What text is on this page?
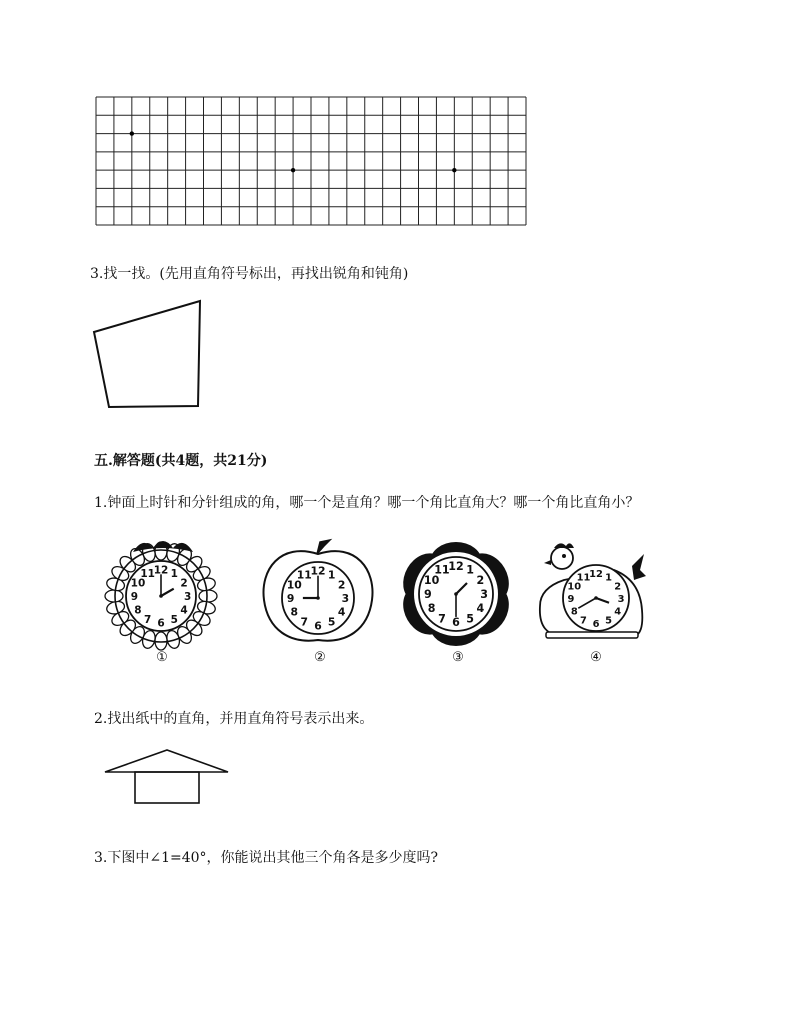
3.找一找。(先用直角符号标出，再找出锐角和钝角)
五.解答题(共4题，共21分)
1.钟面上时针和分针组成的角，哪一个是直角？哪一个角比直角大？哪一个角比直角小？
1
2
3
4
5
6
7
8
9
10
11
12	1
2
3
4
5
6
7
8
9
10
11
12	1
2
3
4
5
6
7
8
9
10
11
12
1
2
3
4
5
6
7
8
9
10
11
12
①	②	③	④
2.找出纸中的直角，并用直角符号表示出来。
3.下图中∠1=40°，你能说出其他三个角各是多少度吗?
